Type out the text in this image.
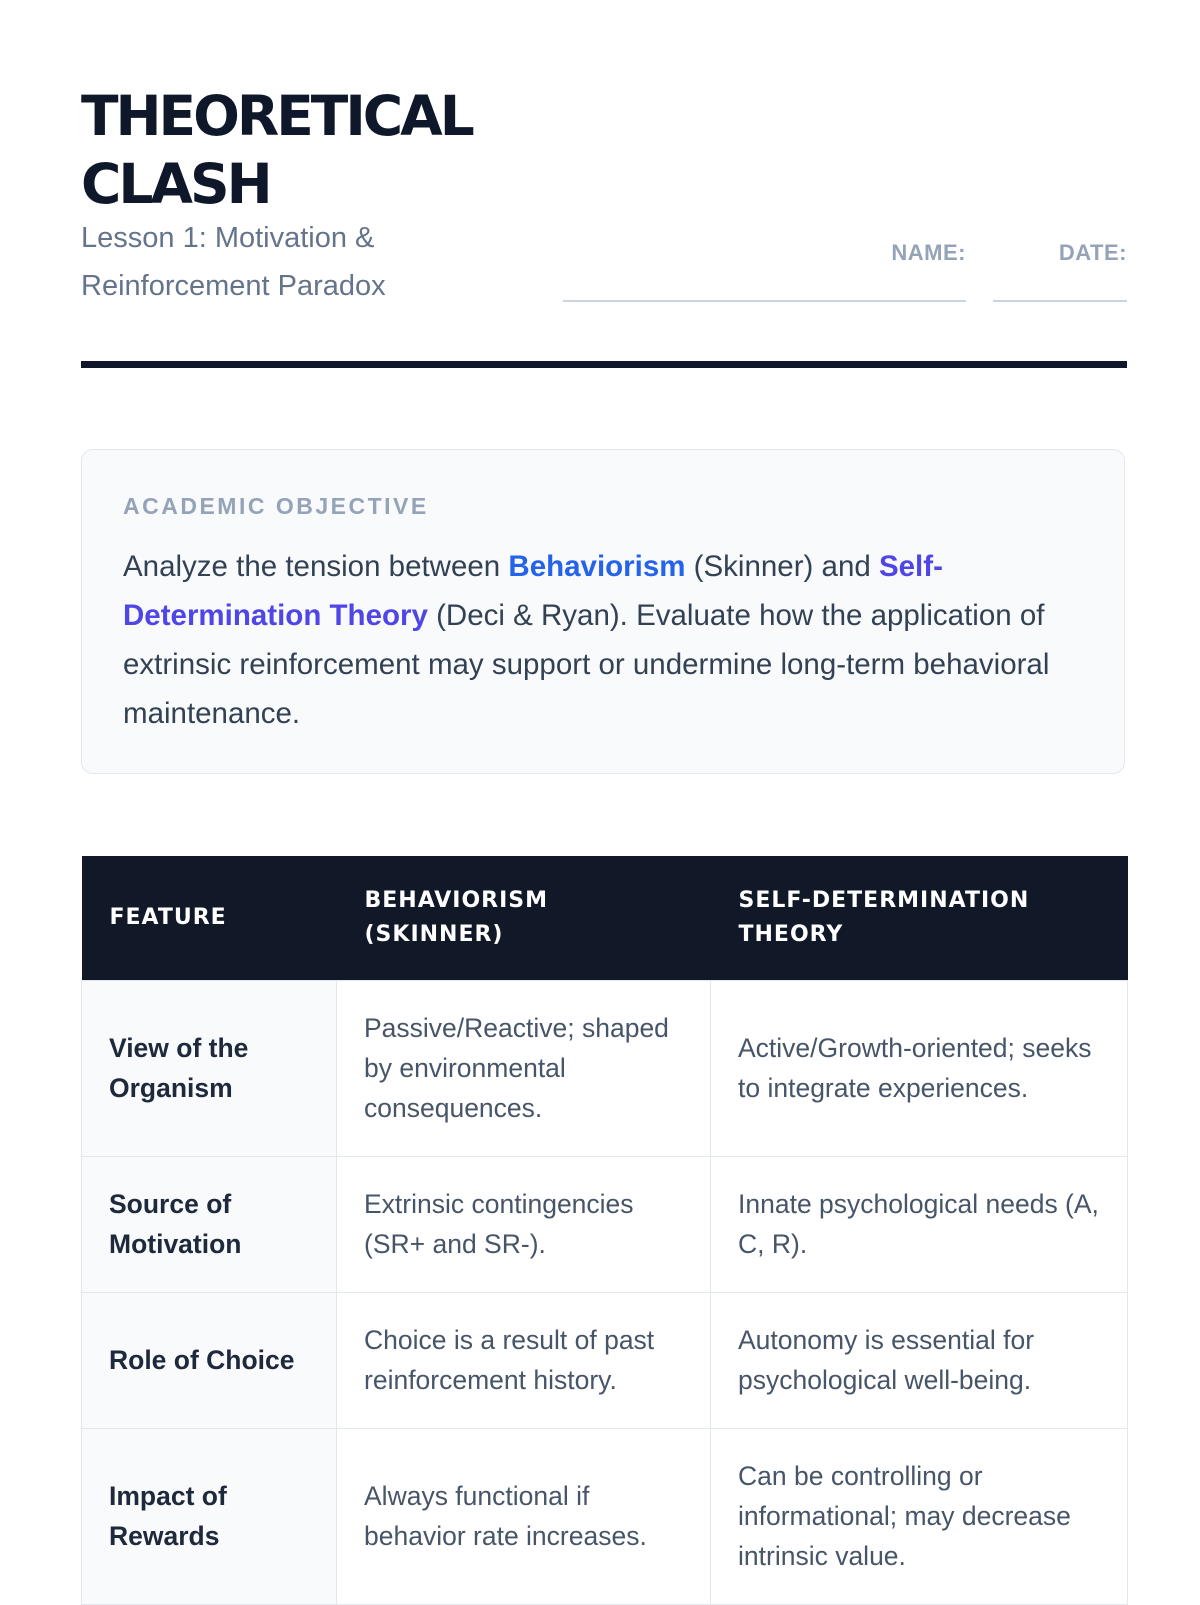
THEORETICAL
CLASH
Lesson 1: Motivation & Reinforcement Paradox
NAME:	DATE:
ACADEMIC OBJECTIVE
Analyze the tension between Behaviorism (Skinner) and Self-Determination Theory (Deci & Ryan). Evaluate how the application of extrinsic reinforcement may support or undermine long-term behavioral maintenance.
FEATURE	BEHAVIORISM (SKINNER)	SELF-DETERMINATION THEORY
View of the Organism	Passive/Reactive; shaped by environmental consequences.	Active/Growth-oriented; seeks to integrate experiences.
Source of Motivation	Extrinsic contingencies (SR+ and SR-).	Innate psychological needs (A, C, R).
Role of Choice	Choice is a result of past reinforcement history.	Autonomy is essential for psychological well-being.
Impact of Rewards	Always functional if behavior rate increases.	Can be controlling or informational; may decrease intrinsic value.
